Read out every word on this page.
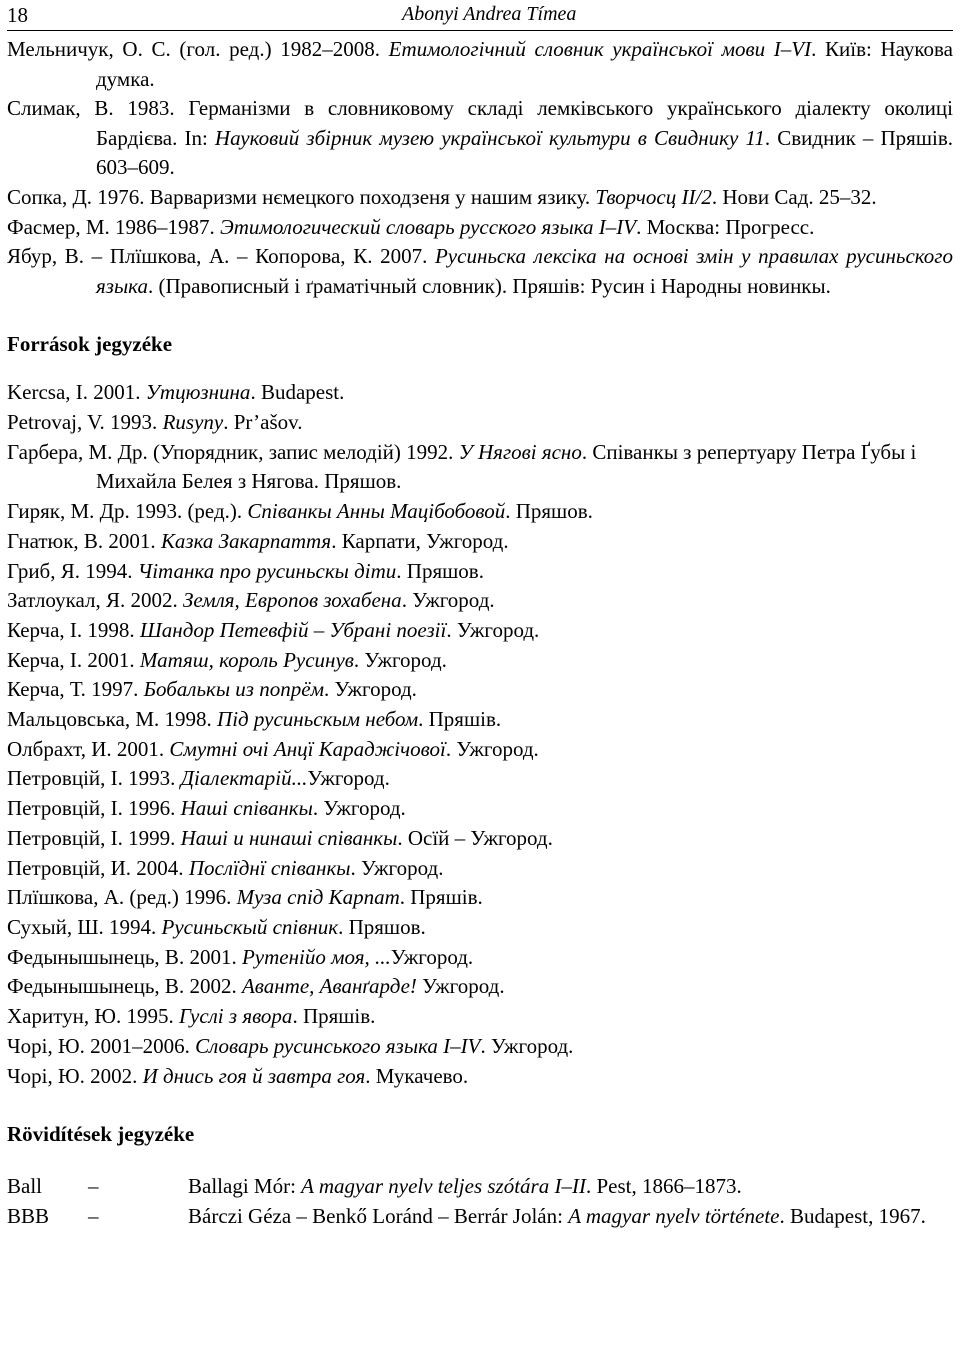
18	Abonyi Andrea Tímea

Мельничук, О. С. (гол. ред.) 1982–2008. Етимологічний словник української мови I–VI. Київ: Наукова думка.

Слимак, В. 1983. Германізми в словниковому складі лемківського українського діалекту околиці Бардієва. In: Науковий збірник музею української культури в Свиднику 11. Свидник – Пряшів. 603–609.

Сопка, Д. 1976. Варваризми нємецкого походзеня у нашим язику. Творчосц II/2. Нови Сад. 25–32.

Фасмер, М. 1986–1987. Этимологический словарь русского языка I–IV. Москва: Прогресс.

Ябур, В. – Плїшкова, А. – Копорова, К. 2007. Русиньска лексіка на основі змін у правилах русиньского языка. (Правописный і ґраматічный словник). Пряшів: Русин і Народны новинкы.

Források jegyzéke

Kercsa, I. 2001. Утцюзнина. Budapest.

Petrovaj, V. 1993. Rusyny. Pr’ašov.

Гарбера, М. Др. (Упорядник, запис мелодій) 1992. У Нягові ясно. Співанкы з репертуару Петра Ґубы і Михайла Белея з Нягова. Пряшов.

Гиряк, М. Др. 1993. (ред.). Співанкы Анны Мацібобовой. Пряшов.

Гнатюк, В. 2001. Казка Закарпаття. Карпати, Ужгород.

Гриб, Я. 1994. Чітанка про русиньскы діти. Пряшов.

Затлоукал, Я. 2002. Земля, Европов зохабена. Ужгород.

Керча, І. 1998. Шандор Петевфій – Убрані поезії. Ужгород.

Керча, І. 2001. Матяш, король Русинув. Ужгород.

Керча, Т. 1997. Бобалькы из попрём. Ужгород.

Мальцовська, М. 1998. Під русиньскым небом. Пряшів.

Олбрахт, И. 2001. Смутні очі Анцї Караджічової. Ужгород.

Петровцій, І. 1993. Діалектарій...Ужгород.

Петровцій, І. 1996. Наші співанкы. Ужгород.

Петровцій, І. 1999. Наші и нинаші співанкы. Осїй – Ужгород.

Петровцій, И. 2004. Послїднї спiванкы. Ужгород.

Плїшкова, А. (ред.) 1996. Муза спід Карпат. Пряшів.

Сухый, Ш. 1994. Русиньскый співник. Пряшов.

Федынышынець, В. 2001. Рутенійо моя, ...Ужгород.

Федынышынець, В. 2002. Аванте, Аванґарде! Ужгород.

Харитун, Ю. 1995. Гуслі з явора. Пряшів.

Чорі, Ю. 2001–2006. Словарь русинського языка I–IV. Ужгород.

Чорі, Ю. 2002. И днись гоя й завтра гоя. Мукачево.

Rövidítések jegyzéke
Ball	–	Ballagi Mór: A magyar nyelv teljes szótára I–II. Pest, 1866–1873.
BBB	–	Bárczi Géza – Benkő Loránd – Berrár Jolán: A magyar nyelv története. Budapest, 1967.
